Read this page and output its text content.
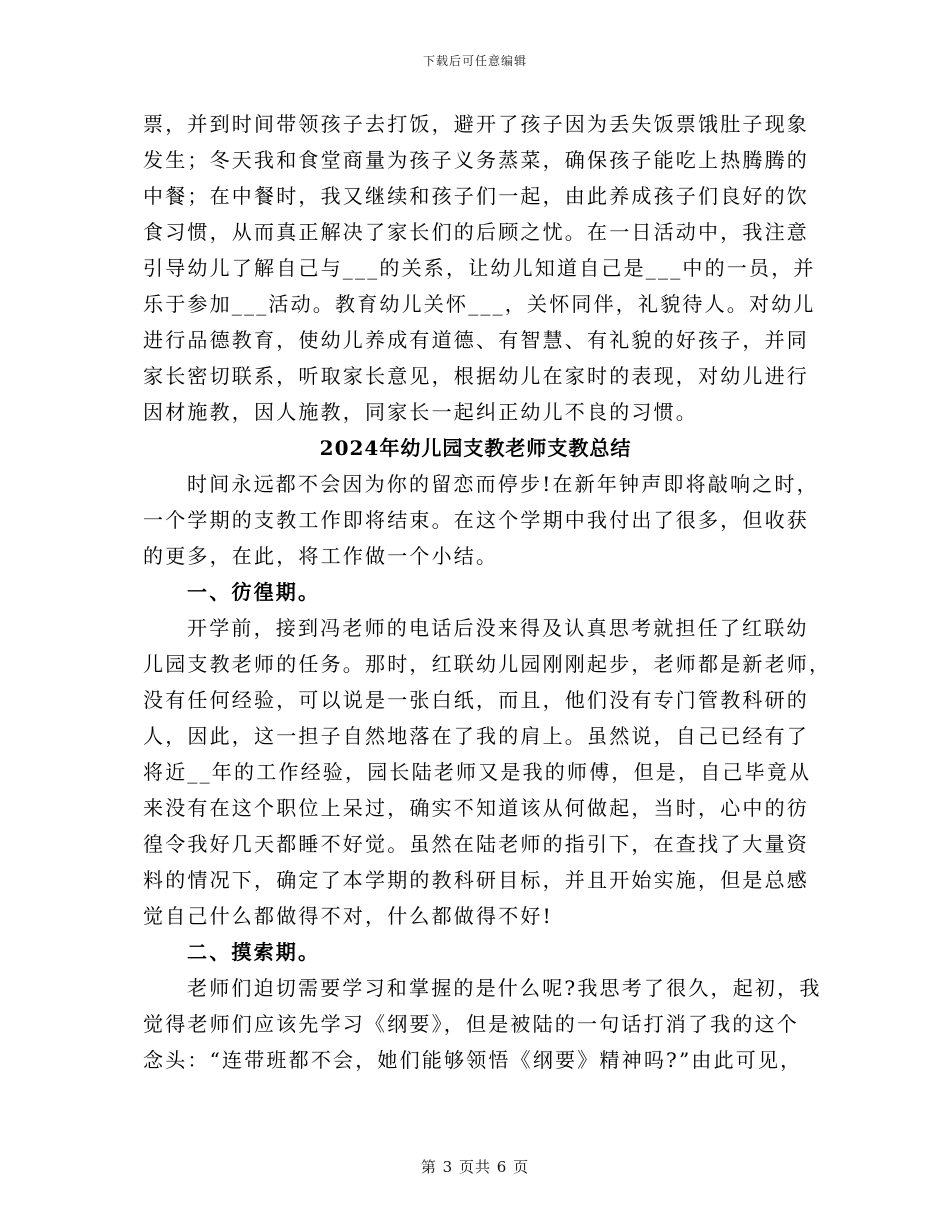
下载后可任意编辑
票，并到时间带领孩子去打饭，避开了孩子因为丢失饭票饿肚子现象
发生；冬天我和食堂商量为孩子义务蒸菜，确保孩子能吃上热腾腾的
中餐；在中餐时，我又继续和孩子们一起，由此养成孩子们良好的饮
食习惯，从而真正解决了家长们的后顾之忧。在一日活动中，我注意
引导幼儿了解自己与___的关系，让幼儿知道自己是___中的一员，并
乐于参加___活动。教育幼儿关怀___，关怀同伴，礼貌待人。对幼儿
进行品德教育，使幼儿养成有道德、有智慧、有礼貌的好孩子，并同
家长密切联系，听取家长意见，根据幼儿在家时的表现，对幼儿进行
因材施教，因人施教，同家长一起纠正幼儿不良的习惯。
2024年幼儿园支教老师支教总结
时间永远都不会因为你的留恋而停步!在新年钟声即将敲响之时，
一个学期的支教工作即将结束。在这个学期中我付出了很多，但收获
的更多，在此，将工作做一个小结。
一、彷徨期。
开学前，接到冯老师的电话后没来得及认真思考就担任了红联幼
儿园支教老师的任务。那时，红联幼儿园刚刚起步，老师都是新老师，
没有任何经验，可以说是一张白纸，而且，他们没有专门管教科研的
人，因此，这一担子自然地落在了我的肩上。虽然说，自己已经有了
将近__年的工作经验，园长陆老师又是我的师傅，但是，自己毕竟从
来没有在这个职位上呆过，确实不知道该从何做起，当时，心中的彷
徨令我好几天都睡不好觉。虽然在陆老师的指引下，在查找了大量资
料的情况下，确定了本学期的教科研目标，并且开始实施，但是总感
觉自己什么都做得不对，什么都做得不好!
二、摸索期。
老师们迫切需要学习和掌握的是什么呢?我思考了很久，起初，我
觉得老师们应该先学习《纲要》，但是被陆的一句话打消了我的这个
念头：“连带班都不会，她们能够领悟《纲要》精神吗?”由此可见，
第 3 页共 6 页
